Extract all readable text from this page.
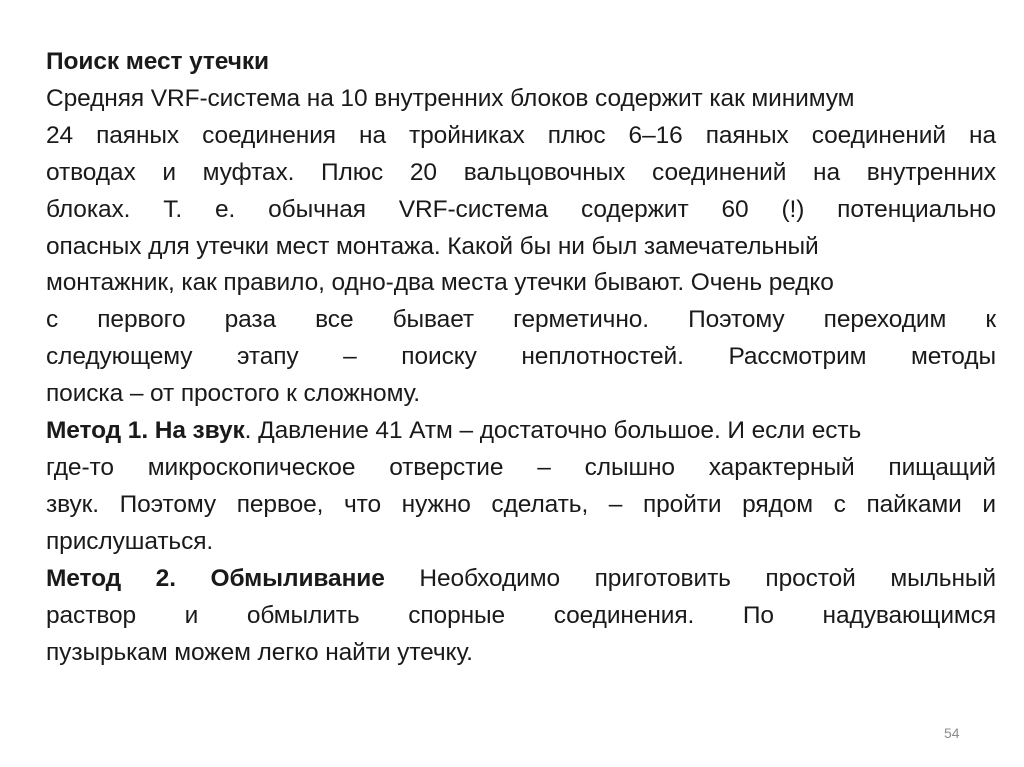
Поиск мест утечки
Средняя VRF-система на 10 внутренних блоков содержит как минимум
24 паяных соединения на тройниках плюс 6–16 паяных соединений на
отводах и муфтах. Плюс 20 вальцовочных соединений на внутренних
блоках. Т. е. обычная VRF-система содержит 60 (!) потенциально
опасных для утечки мест монтажа. Какой бы ни был замечательный
монтажник, как правило, одно-два места утечки бывают. Очень редко
с первого раза все бывает герметично. Поэтому переходим к
следующему этапу – поиску неплотностей. Рассмотрим методы
поиска – от простого к сложному.
Метод 1. На звук. Давление 41 Атм – достаточно большое. И если есть
где-то микроскопическое отверстие – слышно характерный пищащий
звук. Поэтому первое, что нужно сделать, – пройти рядом с пайками и
прислушаться.
Метод 2. Обмыливание Необходимо приготовить простой мыльный
раствор и обмылить спорные соединения. По надувающимся
пузырькам можем легко найти утечку.
54
